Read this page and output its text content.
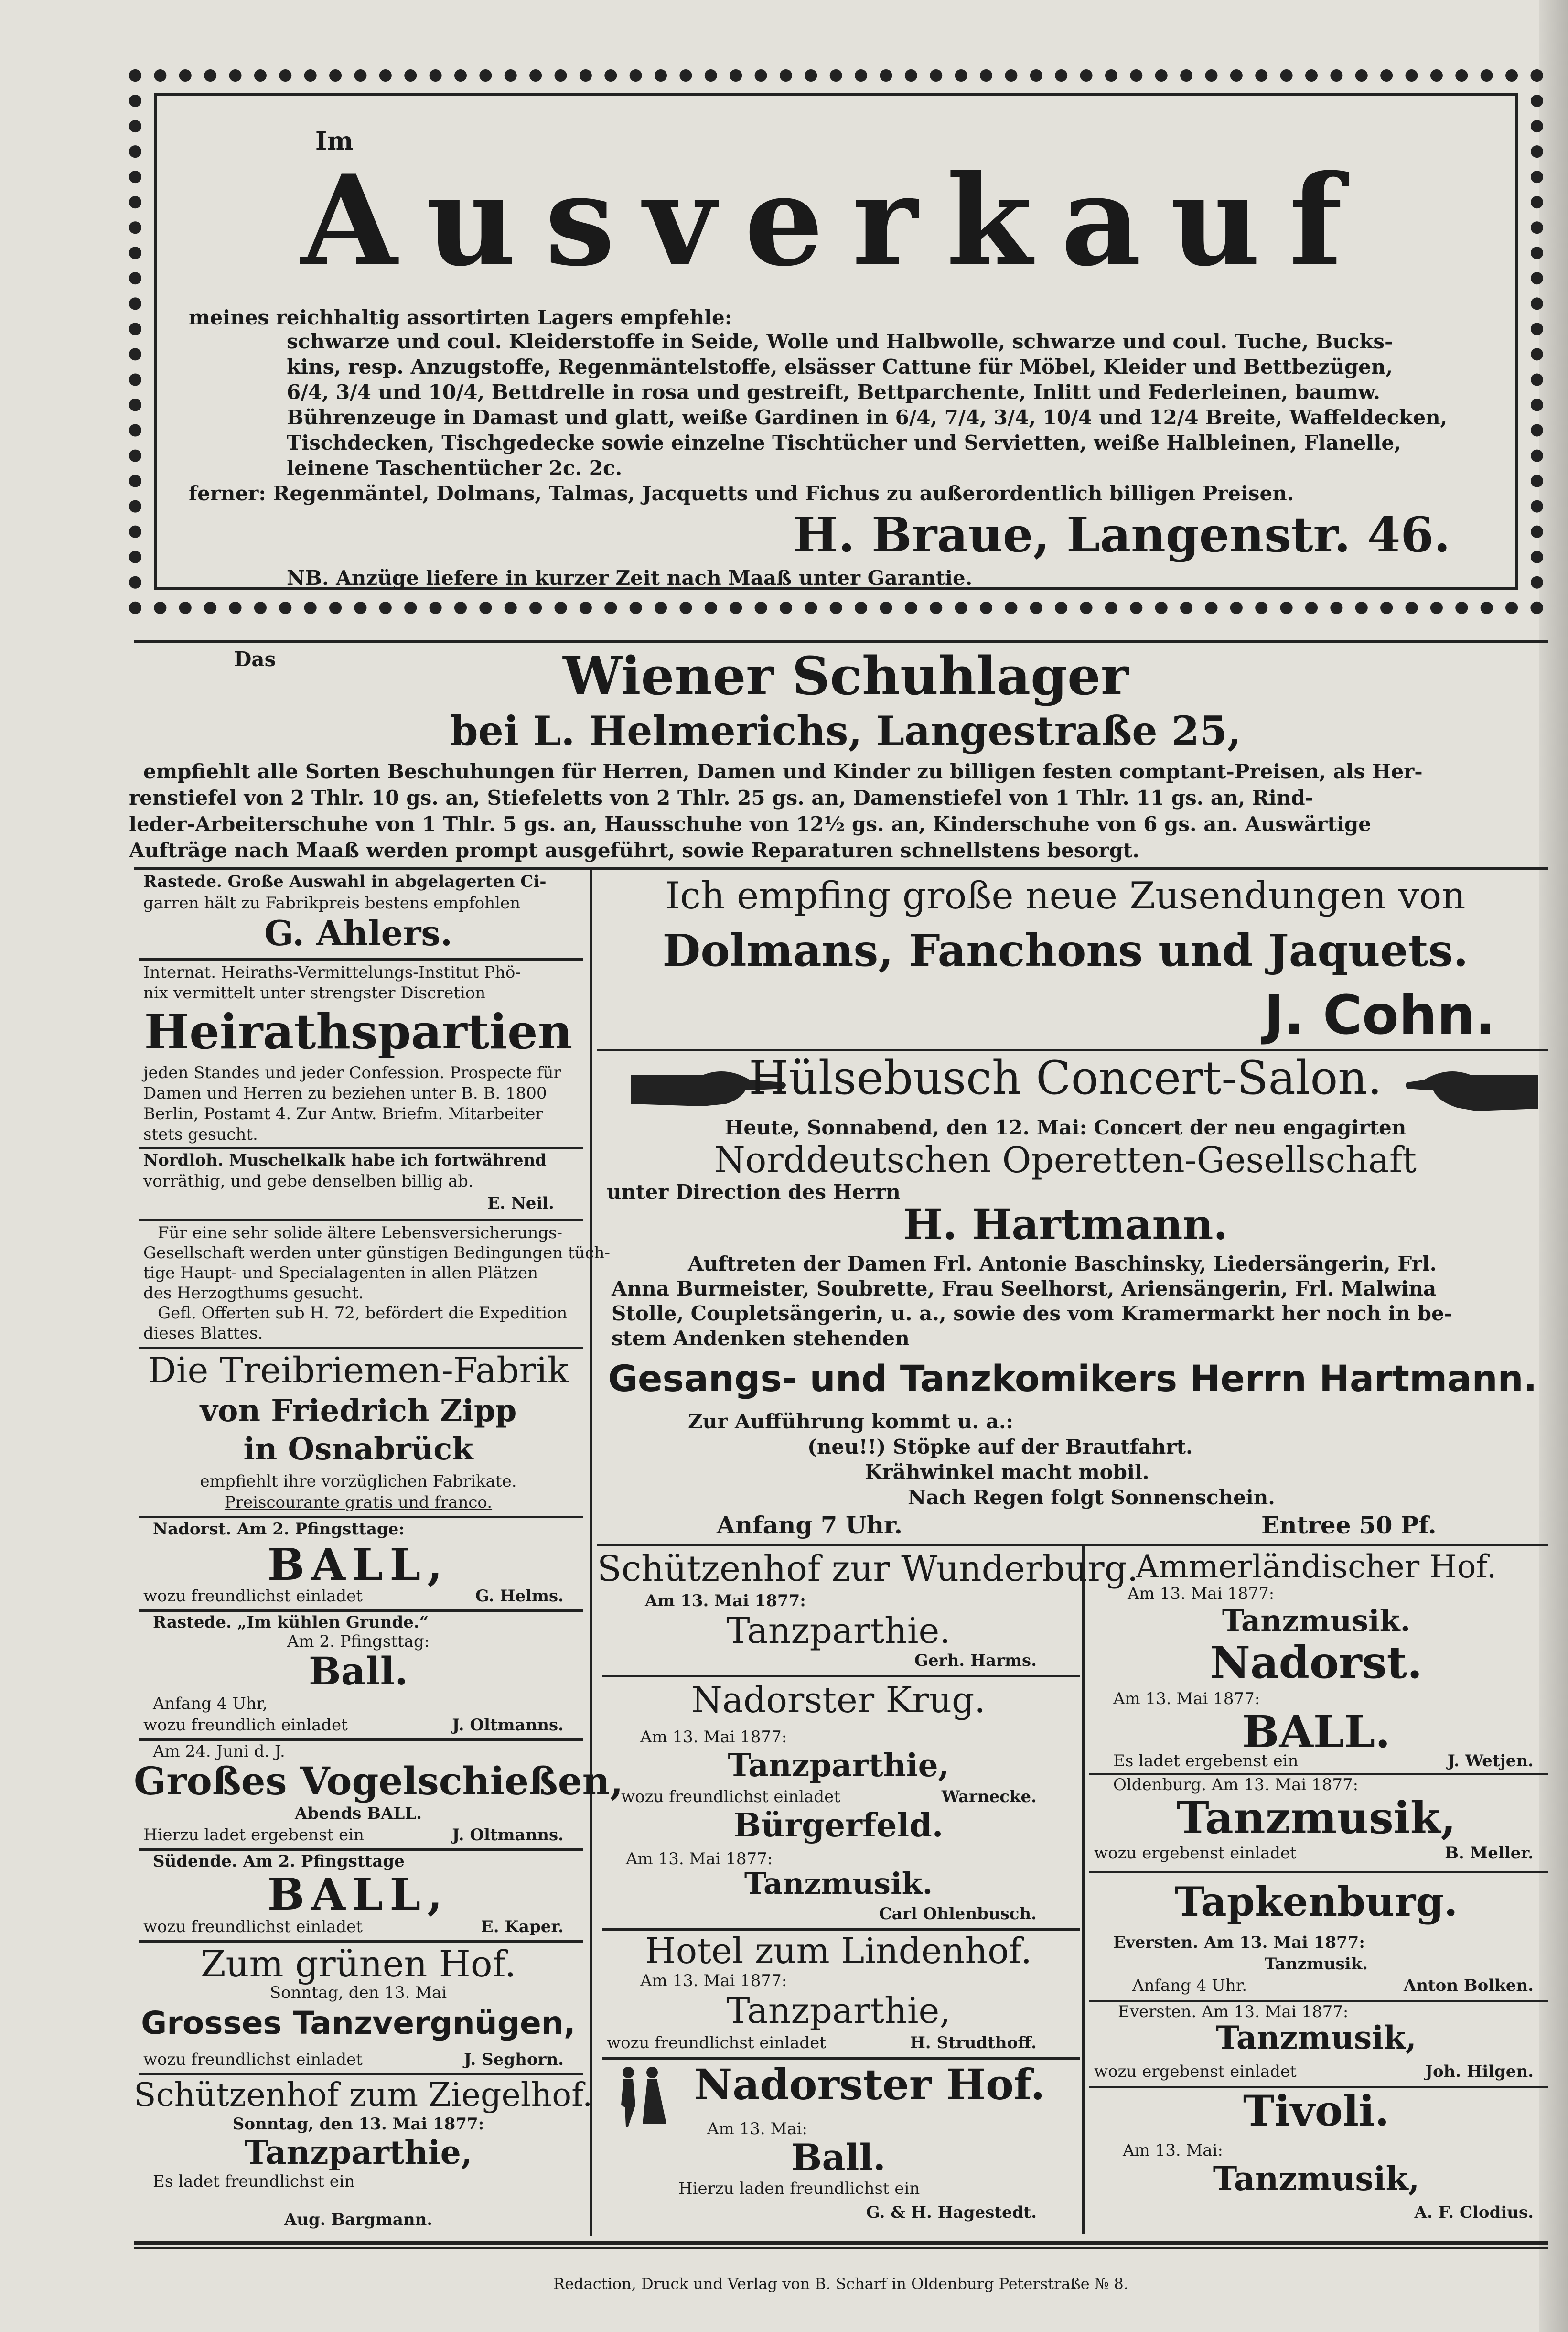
Im
Ausverkauf
meines reichhaltig assortirten Lagers empfehle:
schwarze und coul. Kleiderstoffe in Seide, Wolle und Halbwolle, schwarze und coul. Tuche, Bucks-
kins, resp. Anzugstoffe, Regenmäntelstoffe, elsässer Cattune für Möbel, Kleider und Bettbezügen,
6/4, 3/4 und 10/4, Bettdrelle in rosa und gestreift, Bettparchente, Inlitt und Federleinen, baumw.
Bührenzeuge in Damast und glatt, weiße Gardinen in 6/4, 7/4, 3/4, 10/4 und 12/4 Breite, Waffeldecken,
Tischdecken, Tischgedecke sowie einzelne Tischtücher und Servietten, weiße Halbleinen, Flanelle,
leinene Taschentücher 2c. 2c.
ferner: Regenmäntel, Dolmans, Talmas, Jacquetts und Fichus zu außerordentlich billigen Preisen.
H. Braue, Langenstr. 46.
NB. Anzüge liefere in kurzer Zeit nach Maaß unter Garantie.
Das	Wiener Schuhlager
bei L. Helmerichs, Langestraße 25,
empfiehlt alle Sorten Beschuhungen für Herren, Damen und Kinder zu billigen festen comptant-Preisen, als Her-
renstiefel von 2 Thlr. 10 gs. an, Stiefeletts von 2 Thlr. 25 gs. an, Damenstiefel von 1 Thlr. 11 gs. an, Rind-
leder-Arbeiterschuhe von 1 Thlr. 5 gs. an, Hausschuhe von 12½ gs. an, Kinderschuhe von 6 gs. an. Auswärtige
Aufträge nach Maaß werden prompt ausgeführt, sowie Reparaturen schnellstens besorgt.
Rastede. Große Auswahl in abgelagerten Ci-
garren hält zu Fabrikpreis bestens empfohlen
G. Ahlers.
Internat. Heiraths-Vermittelungs-Institut Phö-
nix vermittelt unter strengster Discretion
Heirathspartien
jeden Standes und jeder Confession. Prospecte für
Damen und Herren zu beziehen unter B. B. 1800
Berlin, Postamt 4. Zur Antw. Briefm. Mitarbeiter
stets gesucht.
Nordloh. Muschelkalk habe ich fortwährend
vorräthig, und gebe denselben billig ab.
E. Neil.
Für eine sehr solide ältere Lebensversicherungs-
Gesellschaft werden unter günstigen Bedingungen tüch-
tige Haupt- und Specialagenten in allen Plätzen
des Herzogthums gesucht.
Gefl. Offerten sub H. 72, befördert die Expedition
dieses Blattes.
Die Treibriemen-Fabrik
von Friedrich Zipp
in Osnabrück
empfiehlt ihre vorzüglichen Fabrikate.
Preiscourante gratis und franco.
Nadorst. Am 2. Pfingsttage:
BALL,
wozu freundlichst einladet	G. Helms.
Rastede. „Im kühlen Grunde.“
Am 2. Pfingsttag:
Ball.
Anfang 4 Uhr,
wozu freundlich einladet	J. Oltmanns.
Am 24. Juni d. J.
Großes Vogelschießen,
Abends BALL.
Hierzu ladet ergebenst ein	J. Oltmanns.
Südende. Am 2. Pfingsttage
BALL,
wozu freundlichst einladet	E. Kaper.
Zum grünen Hof.
Sonntag, den 13. Mai
Grosses Tanzvergnügen,
wozu freundlichst einladet	J. Seghorn.
Schützenhof zum Ziegelhof.
Sonntag, den 13. Mai 1877:
Tanzparthie,
Es ladet freundlichst ein
Aug. Bargmann.
Ich empfing große neue Zusendungen von
Dolmans, Fanchons und Jaquets.
J. Cohn.
Hülsebusch Concert-Salon.
Heute, Sonnabend, den 12. Mai: Concert der neu engagirten
Norddeutschen Operetten-Gesellschaft
unter Direction des Herrn
H. Hartmann.
Auftreten der Damen Frl. Antonie Baschinsky, Liedersängerin, Frl.
Anna Burmeister, Soubrette, Frau Seelhorst, Ariensängerin, Frl. Malwina
Stolle, Coupletsängerin, u. a., sowie des vom Kramermarkt her noch in be-
stem Andenken stehenden
Gesangs- und Tanzkomikers Herrn Hartmann.
Zur Aufführung kommt u. a.:
(neu!!) Stöpke auf der Brautfahrt.
Krähwinkel macht mobil.
Nach Regen folgt Sonnenschein.
Anfang 7 Uhr.	Entree 50 Pf.
Schützenhof zur Wunderburg.
Am 13. Mai 1877:
Tanzparthie.
Gerh. Harms.
Nadorster Krug.
Am 13. Mai 1877:
Tanzparthie,
wozu freundlichst einladet	Warnecke.
Bürgerfeld.
Am 13. Mai 1877:
Tanzmusik.
Carl Ohlenbusch.
Hotel zum Lindenhof.
Am 13. Mai 1877:
Tanzparthie,
wozu freundlichst einladet	H. Strudthoff.
Nadorster Hof.
Am 13. Mai:
Ball.
Hierzu laden freundlichst ein
G. & H. Hagestedt.
Ammerländischer Hof.
Am 13. Mai 1877:
Tanzmusik.
Nadorst.
Am 13. Mai 1877:
BALL.
Es ladet ergebenst ein	J. Wetjen.
Oldenburg. Am 13. Mai 1877:
Tanzmusik,
wozu ergebenst einladet	B. Meller.
Tapkenburg.
Eversten. Am 13. Mai 1877:
Tanzmusik.
Anfang 4 Uhr.	Anton Bolken.
Eversten. Am 13. Mai 1877:
Tanzmusik,
wozu ergebenst einladet	Joh. Hilgen.
Tivoli.
Am 13. Mai:
Tanzmusik,
A. F. Clodius.
Redaction, Druck und Verlag von B. Scharf in Oldenburg Peterstraße № 8.
